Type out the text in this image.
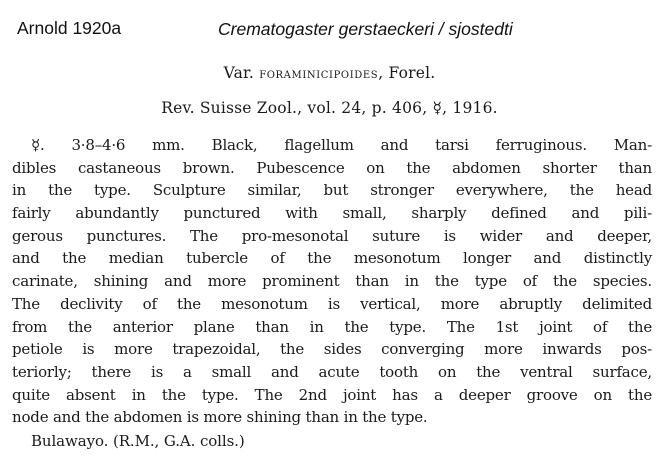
Arnold 1920a	Crematogaster gerstaeckeri / sjostedti
Var. foraminicipoides, Forel.
Rev. Suisse Zool., vol. 24, p. 406, ☿, 1916.
☿. 3·8–4·6 mm. Black, flagellum and tarsi ferruginous. Man-
dibles castaneous brown. Pubescence on the abdomen shorter than
in the type. Sculpture similar, but stronger everywhere, the head
fairly abundantly punctured with small, sharply defined and pili-
gerous punctures. The pro-mesonotal suture is wider and deeper,
and the median tubercle of the mesonotum longer and distinctly
carinate, shining and more prominent than in the type of the species.
The declivity of the mesonotum is vertical, more abruptly delimited
from the anterior plane than in the type. The 1st joint of the
petiole is more trapezoidal, the sides converging more inwards pos-
teriorly; there is a small and acute tooth on the ventral surface,
quite absent in the type. The 2nd joint has a deeper groove on the
node and the abdomen is more shining than in the type.
Bulawayo. (R.M., G.A. colls.)
